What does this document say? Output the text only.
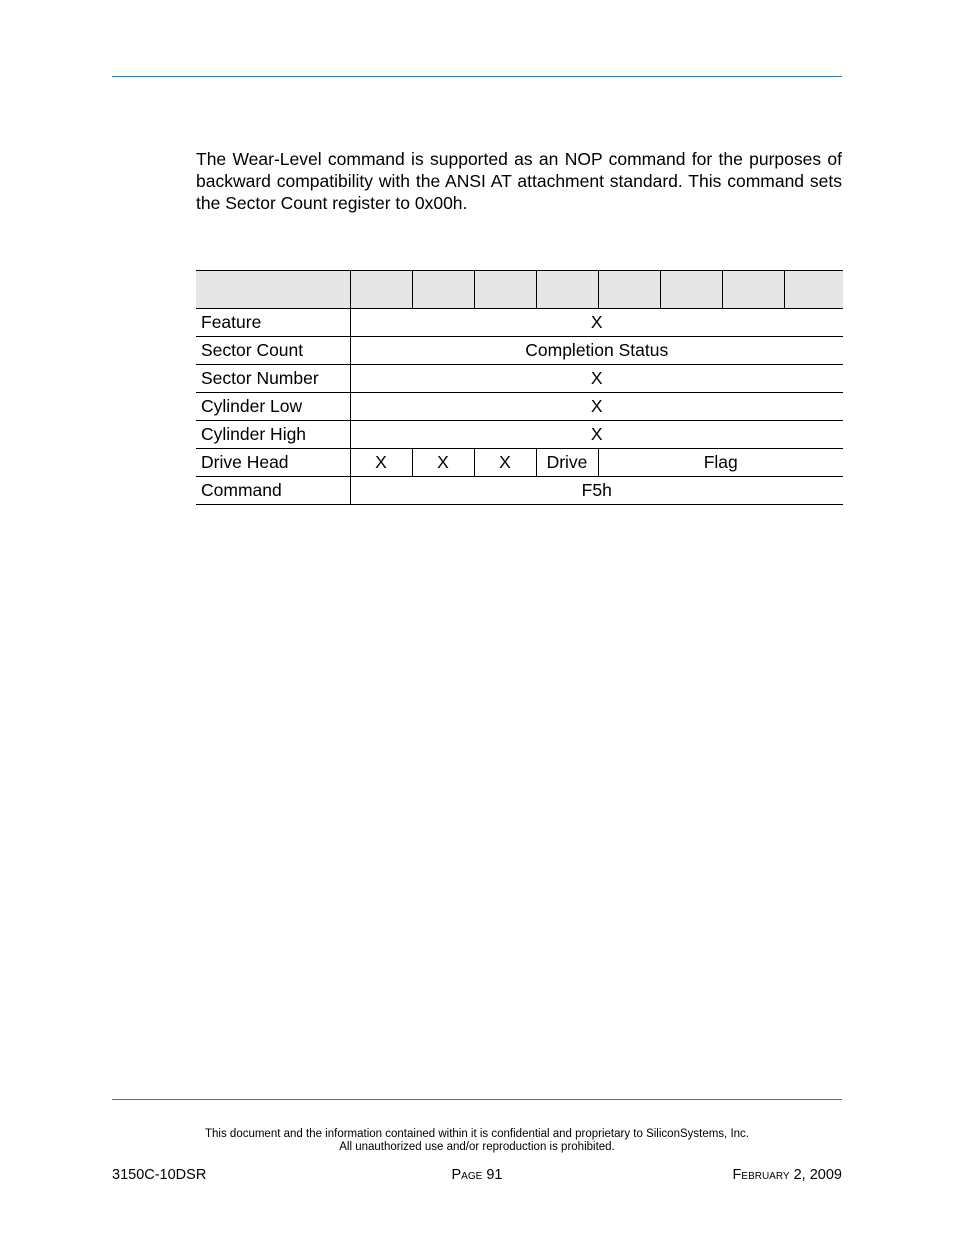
The Wear-Level command is supported as an NOP command for the purposes of backward compatibility with the ANSI AT attachment standard. This command sets the Sector Count register to 0x00h.

Feature	X							
Sector Count	Completion Status							
Sector Number	X							
Cylinder Low	X							
Cylinder High	X							
Drive Head	X	X	X	Drive	Flag			
Command	F5h							
This document and the information contained within it is confidential and proprietary to SiliconSystems, Inc.
All unauthorized use and/or reproduction is prohibited.
3150C-10DSR	Page 91	February 2, 2009
